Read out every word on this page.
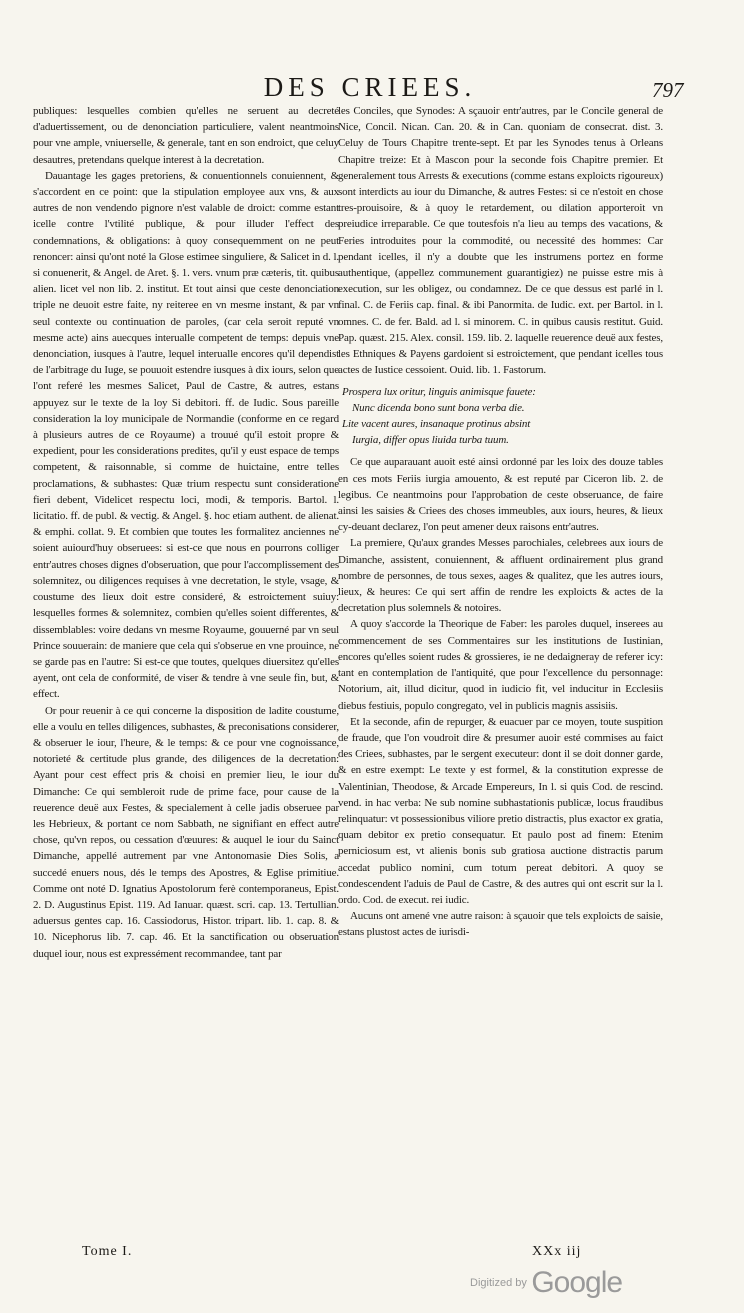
DES CRIEES.	797

publiques: lesquelles combien qu'elles ne seruent au decreté d'aduertissement, ou de denonciation particuliere, valent neantmoins pour vne ample, vniuerselle, & generale, tant en son endroict, que celuy desautres, pretendans quelque interest à la decretation.

Dauantage les gages pretoriens, & conuentionnels conuiennent, & s'accordent en ce point: que la stipulation employee aux vns, & aux autres de non vendendo pignore n'est valable de droict: comme estant icelle contre l'vtilité publique, & pour illuder l'effect des condemnations, & obligations: à quoy consequemment on ne peut renoncer: ainsi qu'ont noté la Glose estimee singuliere, & Salicet in d. l. si conuenerit, & Angel. de Aret. §. 1. vers. vnum præ cæteris, tit. quibus alien. licet vel non lib. 2. institut. Et tout ainsi que ceste denonciation triple ne deuoit estre faite, ny reiteree en vn mesme instant, & par vn seul contexte ou continuation de paroles, (car cela seroit reputé vn mesme acte) ains auecques interualle competent de temps: depuis vne denonciation, iusques à l'autre, lequel interualle encores qu'il dependist de l'arbitrage du Iuge, se pouuoit estendre iusques à dix iours, selon que l'ont referé les mesmes Salicet, Paul de Castre, & autres, estans appuyez sur le texte de la loy Si debitori. ff. de Iudic. Sous pareille consideration la loy municipale de Normandie (conforme en ce regard à plusieurs autres de ce Royaume) a trouué qu'il estoit propre & expedient, pour les considerations predites, qu'il y eust espace de temps competent, & raisonnable, si comme de huictaine, entre telles proclamations, & subhastes: Quæ trium respectu sunt consideratione fieri debent, Videlicet respectu loci, modi, & temporis. Bartol. l. licitatio. ff. de publ. & vectig. & Angel. §. hoc etiam authent. de alienat. & emphi. collat. 9. Et combien que toutes les formalitez anciennes ne soient auiourd'huy obseruees: si est-ce que nous en pourrons colliger entr'autres choses dignes d'obseruation, que pour l'accomplissement des solemnitez, ou diligences requises à vne decretation, le style, vsage, & coustume des lieux doit estre consideré, & estroictement suiuy: lesquelles formes & solemnitez, combien qu'elles soient differentes, & dissemblables: voire dedans vn mesme Royaume, gouuerné par vn seul Prince souuerain: de maniere que cela qui s'obserue en vne prouince, ne se garde pas en l'autre: Si est-ce que toutes, quelques diuersitez qu'elles ayent, ont cela de conformité, de viser & tendre à vne seule fin, but, & effect.

Or pour reuenir à ce qui concerne la disposition de ladite coustume, elle a voulu en telles diligences, subhastes, & preconisations considerer, & obseruer le iour, l'heure, & le temps: & ce pour vne cognoissance, notorieté & certitude plus grande, des diligences de la decretation: Ayant pour cest effect pris & choisi en premier lieu, le iour du Dimanche: Ce qui sembleroit rude de prime face, pour cause de la reuerence deuë aux Festes, & specialement à celle jadis obseruee par les Hebrieux, & portant ce nom Sabbath, ne signifiant en effect autre chose, qu'vn repos, ou cessation d'œuures: & auquel le iour du Sainct Dimanche, appellé autrement par vne Antonomasie Dies Solis, a succedé enuers nous, dés le temps des Apostres, & Eglise primitiue. Comme ont noté D. Ignatius Apostolorum ferè contemporaneus, Epist. 2. D. Augustinus Epist. 119. Ad Ianuar. quæst. scri. cap. 13. Tertullian. aduersus gentes cap. 16. Cassiodorus, Histor. tripart. lib. 1. cap. 8. & 10. Nicephorus lib. 7. cap. 46. Et la sanctification ou obseruation duquel iour, nous est expressément recommandee, tant par

les Conciles, que Synodes: A sçauoir entr'autres, par le Concile general de Nice, Concil. Nican. Can. 20. & in Can. quoniam de consecrat. dist. 3. Celuy de Tours Chapitre trente-sept. Et par les Synodes tenus à Orleans Chapitre treize: Et à Mascon pour la seconde fois Chapitre premier. Et generalement tous Arrests & executions (comme estans exploicts rigoureux) sont interdicts au iour du Dimanche, & autres Festes: si ce n'estoit en chose tres-prouisoire, & à quoy le retardement, ou dilation apporteroit vn preiudice irreparable. Ce que toutesfois n'a lieu au temps des vacations, & Feries introduites pour la commodité, ou necessité des hommes: Car pendant icelles, il n'y a doubte que les instrumens portez en forme authentique, (appellez communement guarantigiez) ne puisse estre mis à execution, sur les obligez, ou condamnez. De ce que dessus est parlé in l. final. C. de Feriis cap. final. & ibi Panormita. de Iudic. ext. per Bartol. in l. omnes. C. de fer. Bald. ad l. si minorem. C. in quibus causis restitut. Guid. Pap. quæst. 215. Alex. consil. 159. lib. 2. laquelle reuerence deuë aux festes, les Ethniques & Payens gardoient si estroictement, que pendant icelles tous actes de Iustice cessoient. Ouid. lib. 1. Fastorum.

Prospera lux oritur, linguis animisque fauete:
Nunc dicenda bono sunt bona verba die.
Lite vacent aures, insanaque protinus absint
Iurgia, differ opus liuida turba tuum.

Ce que auparauant auoit esté ainsi ordonné par les loix des douze tables en ces mots Feriis iurgia amouento, & est reputé par Ciceron lib. 2. de legibus. Ce neantmoins pour l'approbation de ceste obseruance, de faire ainsi les saisies & Criees des choses immeubles, aux iours, heures, & lieux cy-deuant declarez, l'on peut amener deux raisons entr'autres.

La premiere, Qu'aux grandes Messes parochiales, celebrees aux iours de Dimanche, assistent, conuiennent, & affluent ordinairement plus grand nombre de personnes, de tous sexes, aages & qualitez, que les autres iours, lieux, & heures: Ce qui sert affin de rendre les exploicts & actes de la decretation plus solemnels & notoires.

A quoy s'accorde la Theorique de Faber: les paroles duquel, inserees au commencement de ses Commentaires sur les institutions de Iustinian, encores qu'elles soient rudes & grossieres, ie ne dedaigneray de referer icy: tant en contemplation de l'antiquité, que pour l'excellence du personnage: Notorium, ait, illud dicitur, quod in iudicio fit, vel inducitur in Ecclesiis diebus festiuis, populo congregato, vel in publicis magnis assisiis.

Et la seconde, afin de repurger, & euacuer par ce moyen, toute suspition de fraude, que l'on voudroit dire & presumer auoir esté commises au faict des Criees, subhastes, par le sergent executeur: dont il se doit donner garde, & en estre exempt: Le texte y est formel, & la constitution expresse de Valentinian, Theodose, & Arcade Empereurs, In l. si quis Cod. de rescind. vend. in hac verba: Ne sub nomine subhastationis publicæ, locus fraudibus relinquatur: vt possessionibus viliore pretio distractis, plus exactor ex gratia, quam debitor ex pretio consequatur. Et paulo post ad finem: Etenim perniciosum est, vt alienis bonis sub gratiosa auctione distractis parum accedat publico nomini, cum totum pereat debitori. A quoy se condescendent l'aduis de Paul de Castre, & des autres qui ont escrit sur la l. ordo. Cod. de execut. rei iudic.

Aucuns ont amené vne autre raison: à sçauoir que tels exploicts de saisie, estans plustost actes de iurisdi-

Tome I.	XXx iij
Digitized by Google
